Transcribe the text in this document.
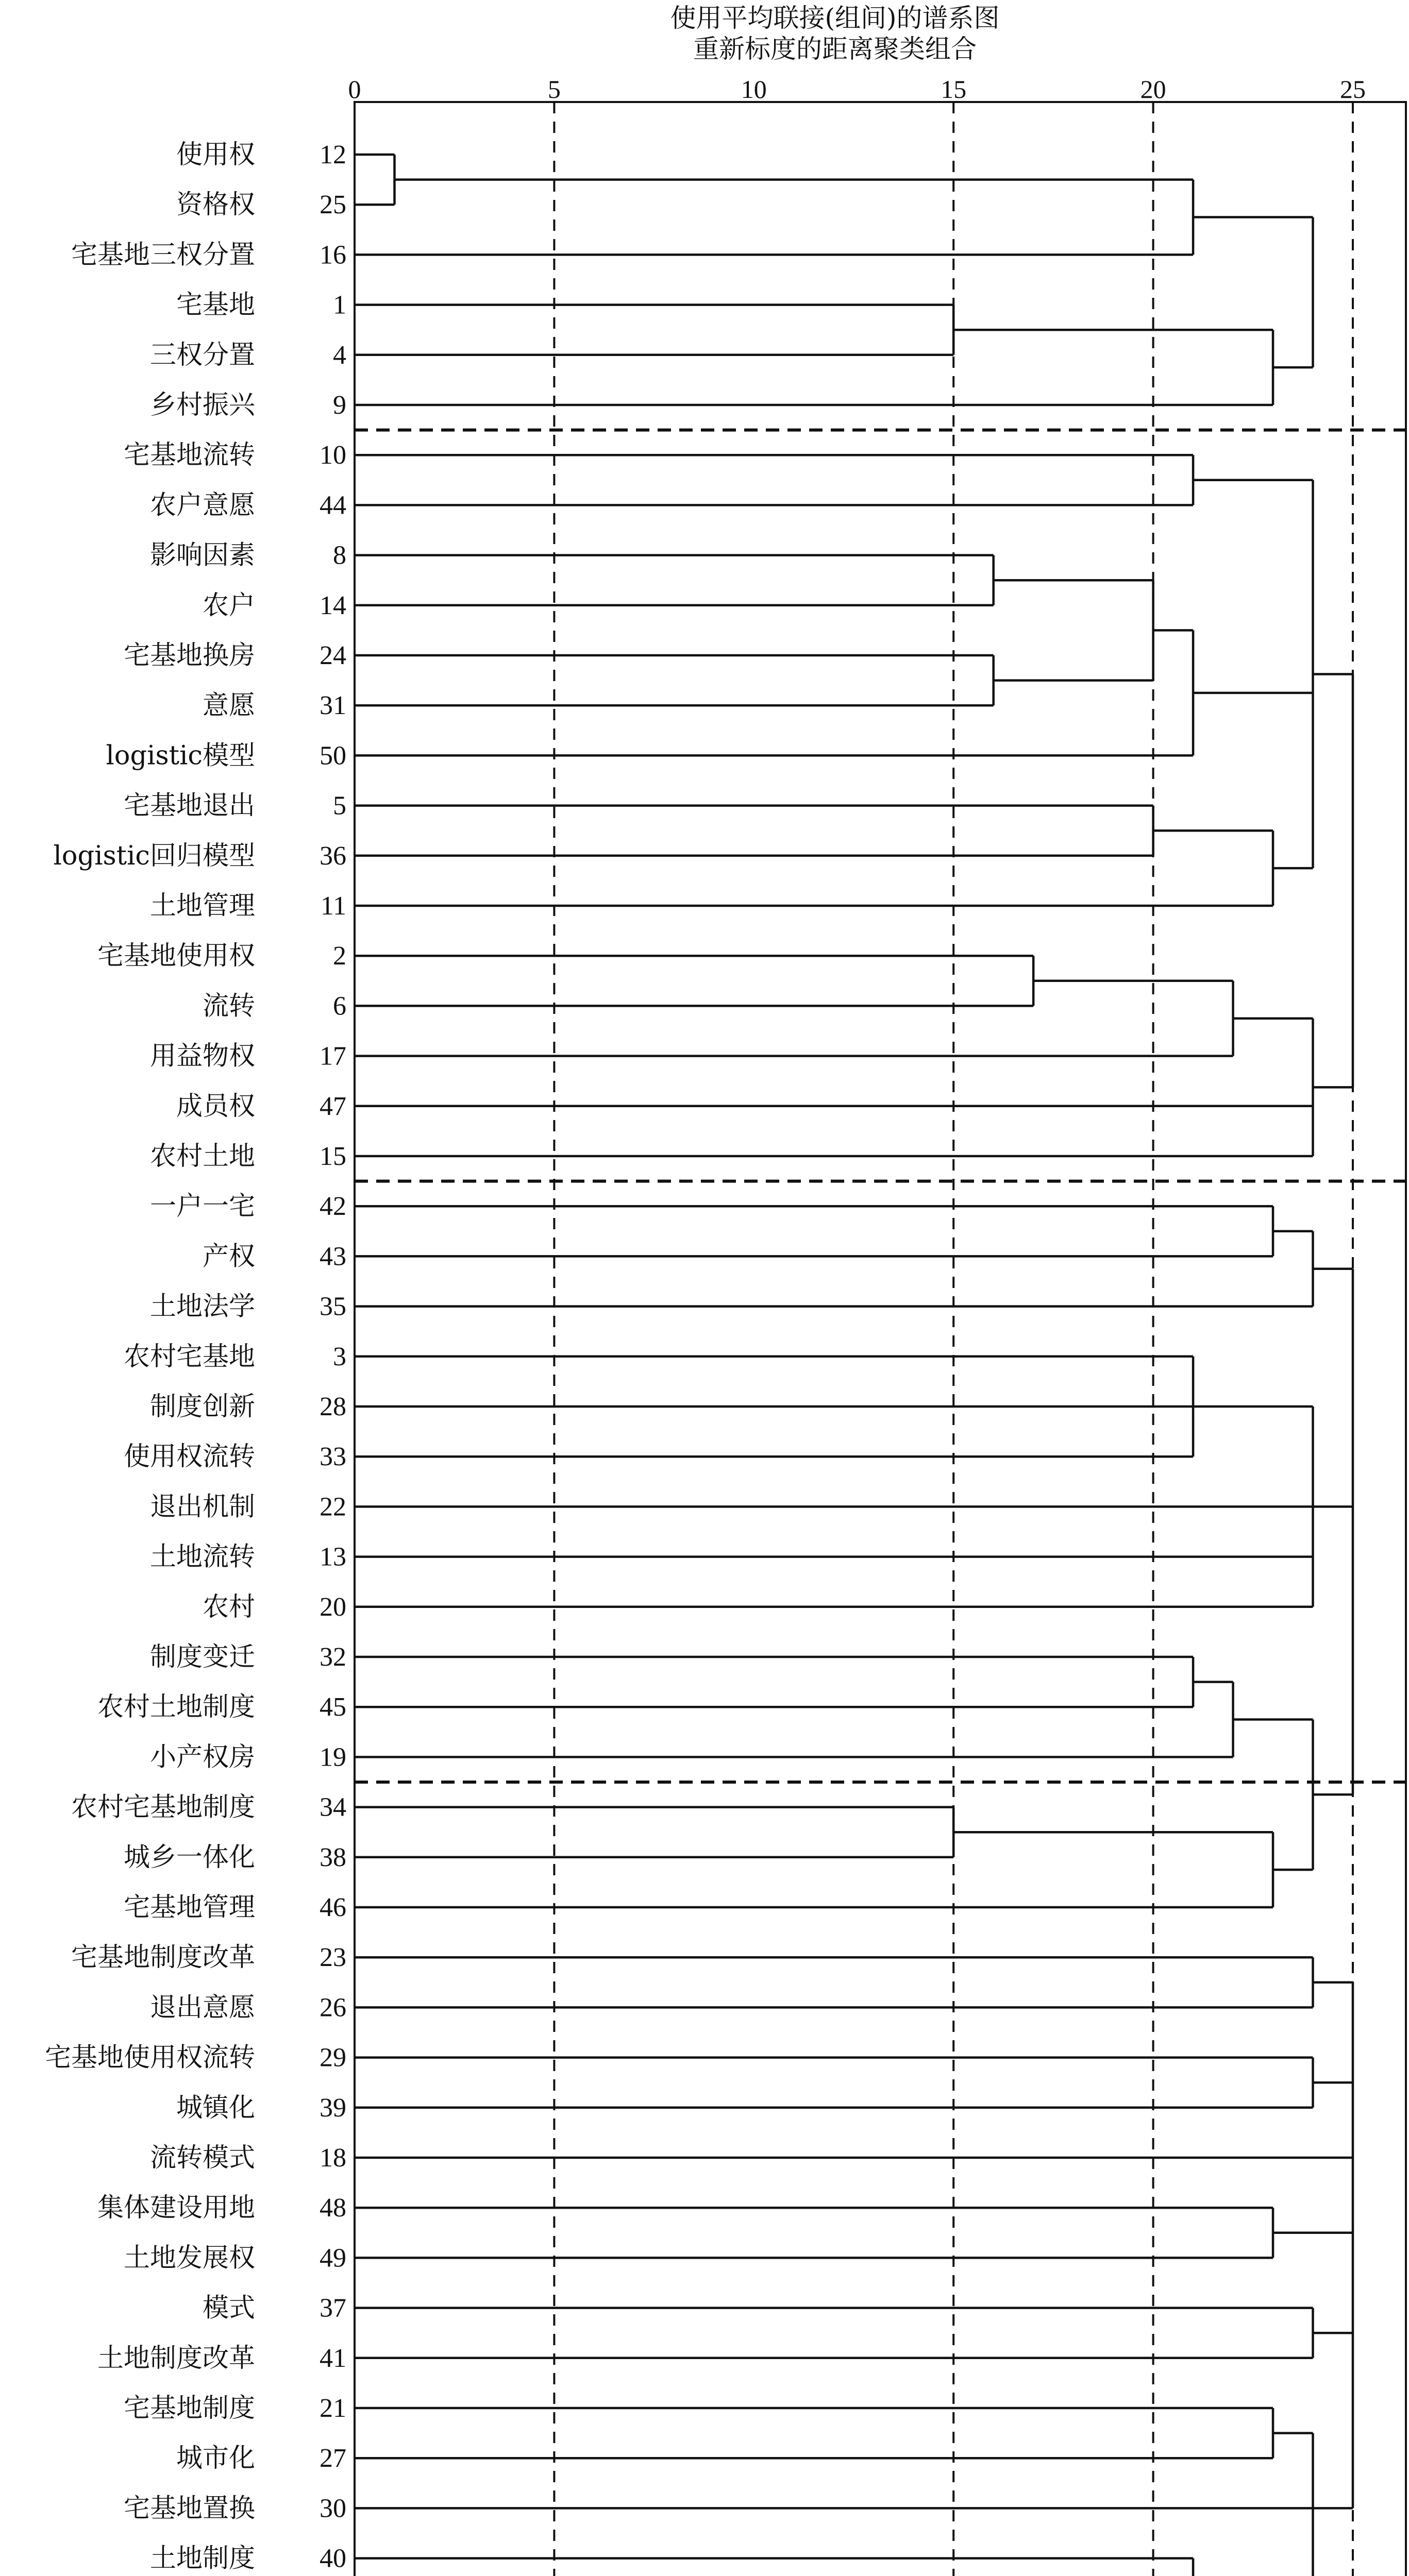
使用平均联接(组间)的谱系图
重新标度的距离聚类组合
0	5	10	15	20	25
使用权 12
资格权 25
宅基地三权分置 16
宅基地	1
三权分置	4
乡村振兴	9
宅基地流转 10
农户意愿 44
影响因素	8
农户 14
宅基地换房 24
意愿 31
logistic模型 50
宅基地退出	5
logistic回归模型 36
土地管理 11
宅基地使用权	2
流转	6
用益物权 17
成员权 47
农村土地 15
一户一宅 42
产权 43
土地法学 35
农村宅基地	3
制度创新 28
使用权流转 33
退出机制 22
土地流转 13
农村 20
制度变迁 32
农村土地制度 45
小产权房 19
农村宅基地制度 34
城乡一体化 38
宅基地管理 46
宅基地制度改革 23
退出意愿 26
宅基地使用权流转 29
城镇化 39
流转模式 18
集体建设用地 48
土地发展权 49
模式 37
土地制度改革 41
宅基地制度 21
城市化 27
宅基地置换 30
土地制度 40
